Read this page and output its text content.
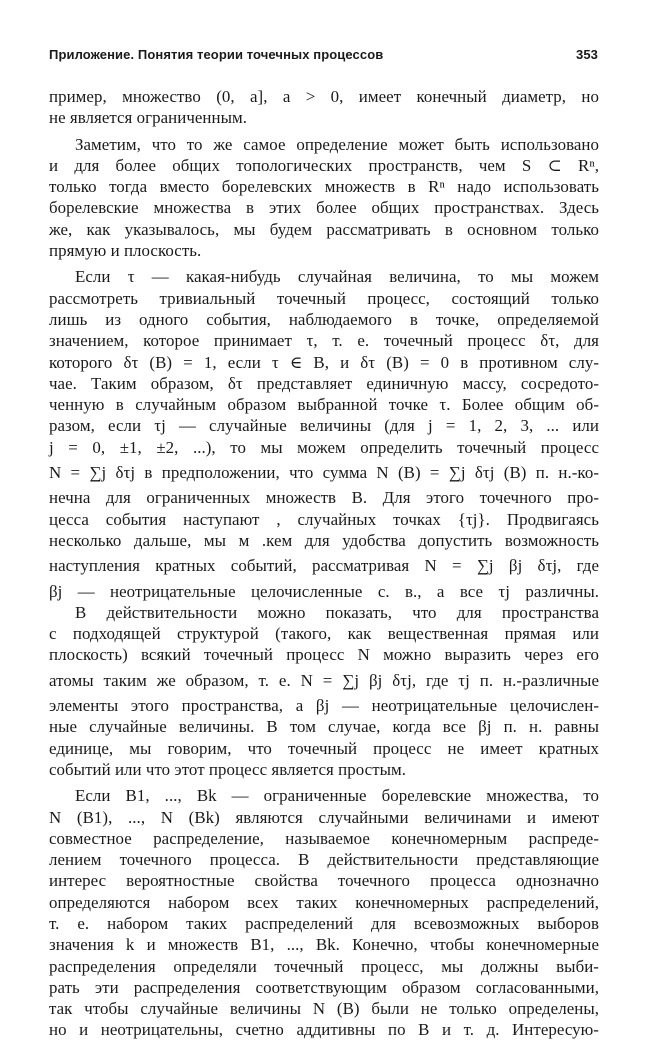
Приложение. Понятия теории точечных процессов	353
пример, множество (0, a], a > 0, имеет конечный диаметр, но
не является ограниченным.
Заметим, что то же самое определение может быть использовано
и для более общих топологических пространств, чем S ⊂ Rⁿ,
только тогда вместо борелевских множеств в Rⁿ надо использовать
борелевские множества в этих более общих пространствах. Здесь
же, как указывалось, мы будем рассматривать в основном только
прямую и плоскость.
Если τ — какая-нибудь случайная величина, то мы можем
рассмотреть тривиальный точечный процесс, состоящий только
лишь из одного события, наблюдаемого в точке, определяемой
значением, которое принимает τ, т. е. точечный процесс δτ, для
которого δτ (B) = 1, если τ ∈ B, и δτ (B) = 0 в противном слу-
чае. Таким образом, δτ представляет единичную массу, сосредото-
ченную в случайным образом выбранной точке τ. Более общим об-
разом, если τj — случайные величины (для j = 1, 2, 3, ... или
j = 0, ±1, ±2, ...), то мы можем определить точечный процесс
N = ∑j δτj в предположении, что сумма N (B) = ∑j δτj (B) п. н.-ко-
нечна для ограниченных множеств B. Для этого точечного про-
цесса события наступают , случайных точках {τj}. Продвигаясь
несколько дальше, мы м .кем для удобства допустить возможность
наступления кратных событий, рассматривая N = ∑j βj δτj, где
βj — неотрицательные целочисленные с. в., а все τj различны.
В действительности можно показать, что для пространства
с подходящей структурой (такого, как вещественная прямая или
плоскость) всякий точечный процесс N можно выразить через его
атомы таким же образом, т. е. N = ∑j βj δτj, где τj п. н.-различные
элементы этого пространства, а βj — неотрицательные целочислен-
ные случайные величины. В том случае, когда все βj п. н. равны
единице, мы говорим, что точечный процесс не имеет кратных
событий или что этот процесс является простым.
Если B1, ..., Bk — ограниченные борелевские множества, то
N (B1), ..., N (Bk) являются случайными величинами и имеют
совместное распределение, называемое конечномерным распреде-
лением точечного процесса. В действительности представляющие
интерес вероятностные свойства точечного процесса однозначно
определяются набором всех таких конечномерных распределений,
т. е. набором таких распределений для всевозможных выборов
значения k и множеств B1, ..., Bk. Конечно, чтобы конечномерные
распределения определяли точечный процесс, мы должны выби-
рать эти распределения соответствующим образом согласованными,
так чтобы случайные величины N (B) были не только определены,
но и неотрицательны, счетно аддитивны по B и т. д. Интересую-
